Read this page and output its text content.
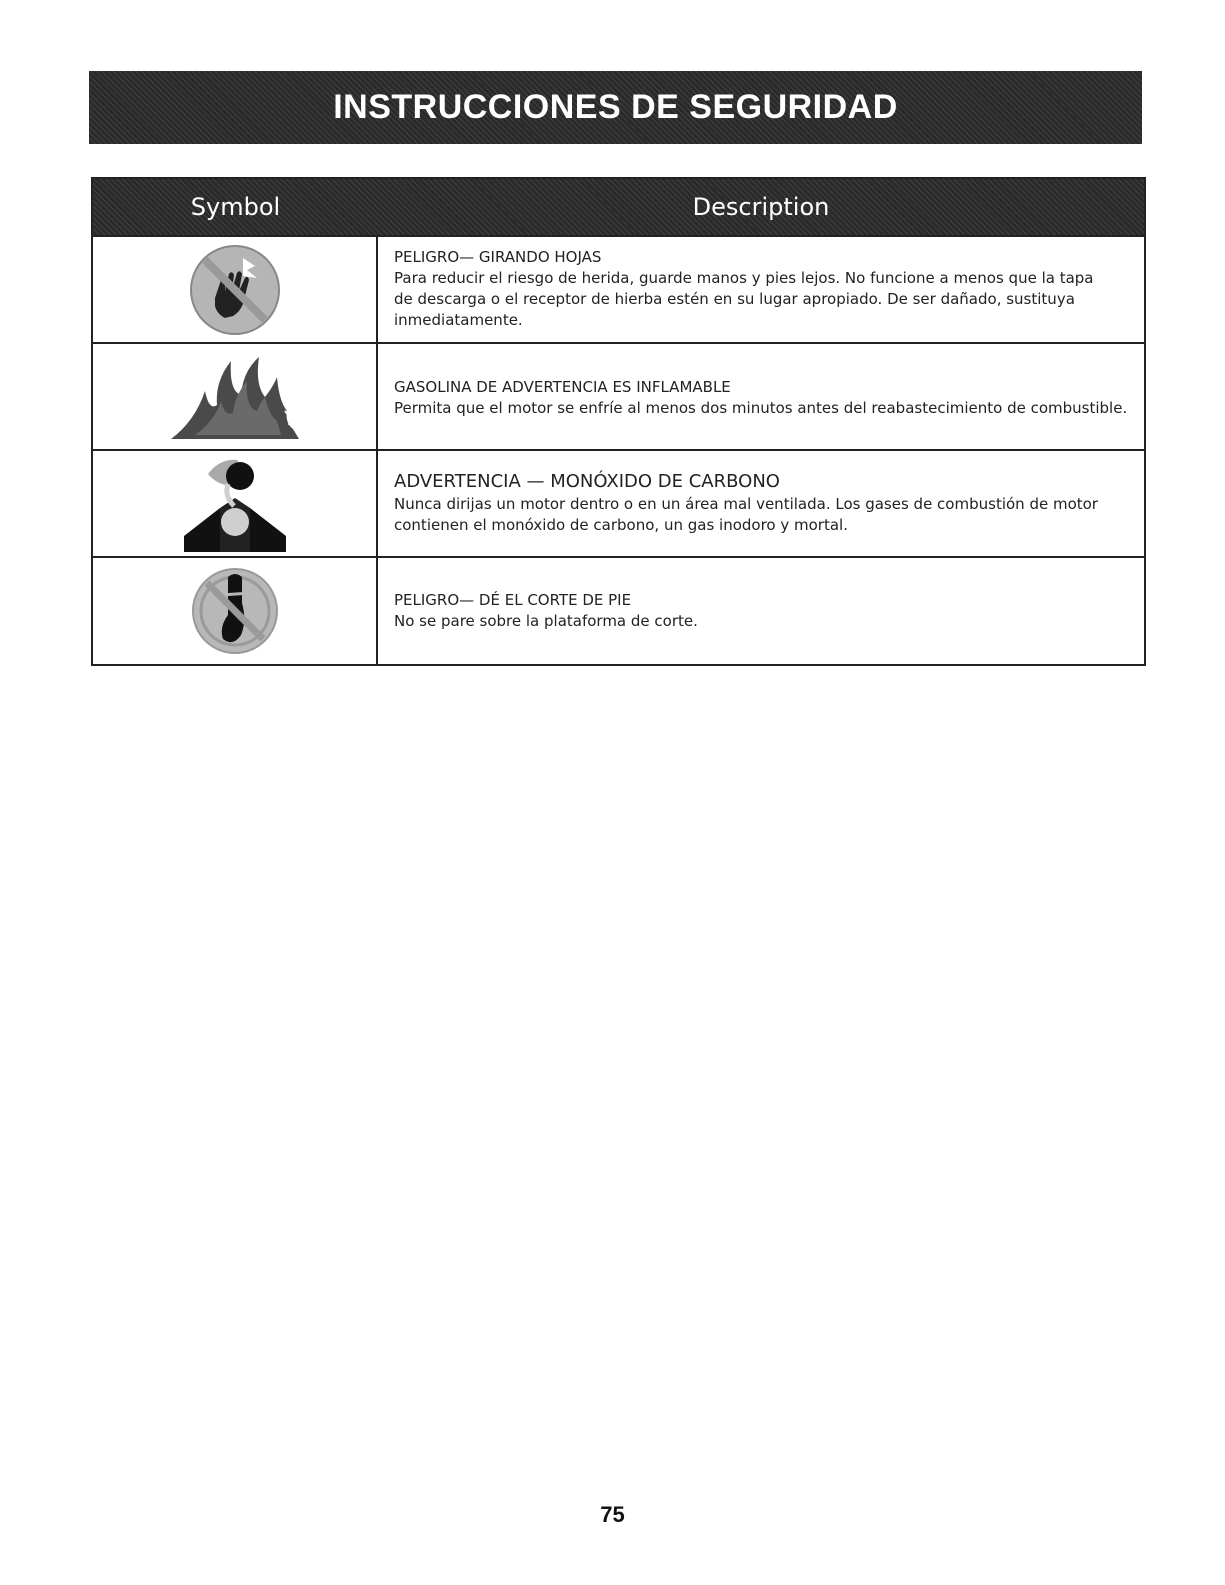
INSTRUCCIONES DE SEGURIDAD
Symbol	Description
PELIGRO— GIRANDO HOJAS
Para reducir el riesgo de herida, guarde manos y pies lejos. No funcione a menos que la tapa
de descarga o el receptor de hierba estén en su lugar apropiado. De ser dañado, sustituya
inmediatamente.
GASOLINA DE ADVERTENCIA ES INFLAMABLE
Permita que el motor se enfríe al menos dos minutos antes del reabastecimiento de combustible.
ADVERTENCIA — MONÓXIDO DE CARBONO
Nunca dirijas un motor dentro o en un área mal ventilada. Los gases de combustión de motor
contienen el monóxido de carbono, un gas inodoro y mortal.
PELIGRO— DÉ EL CORTE DE PIE
No se pare sobre la plataforma de corte.
75
